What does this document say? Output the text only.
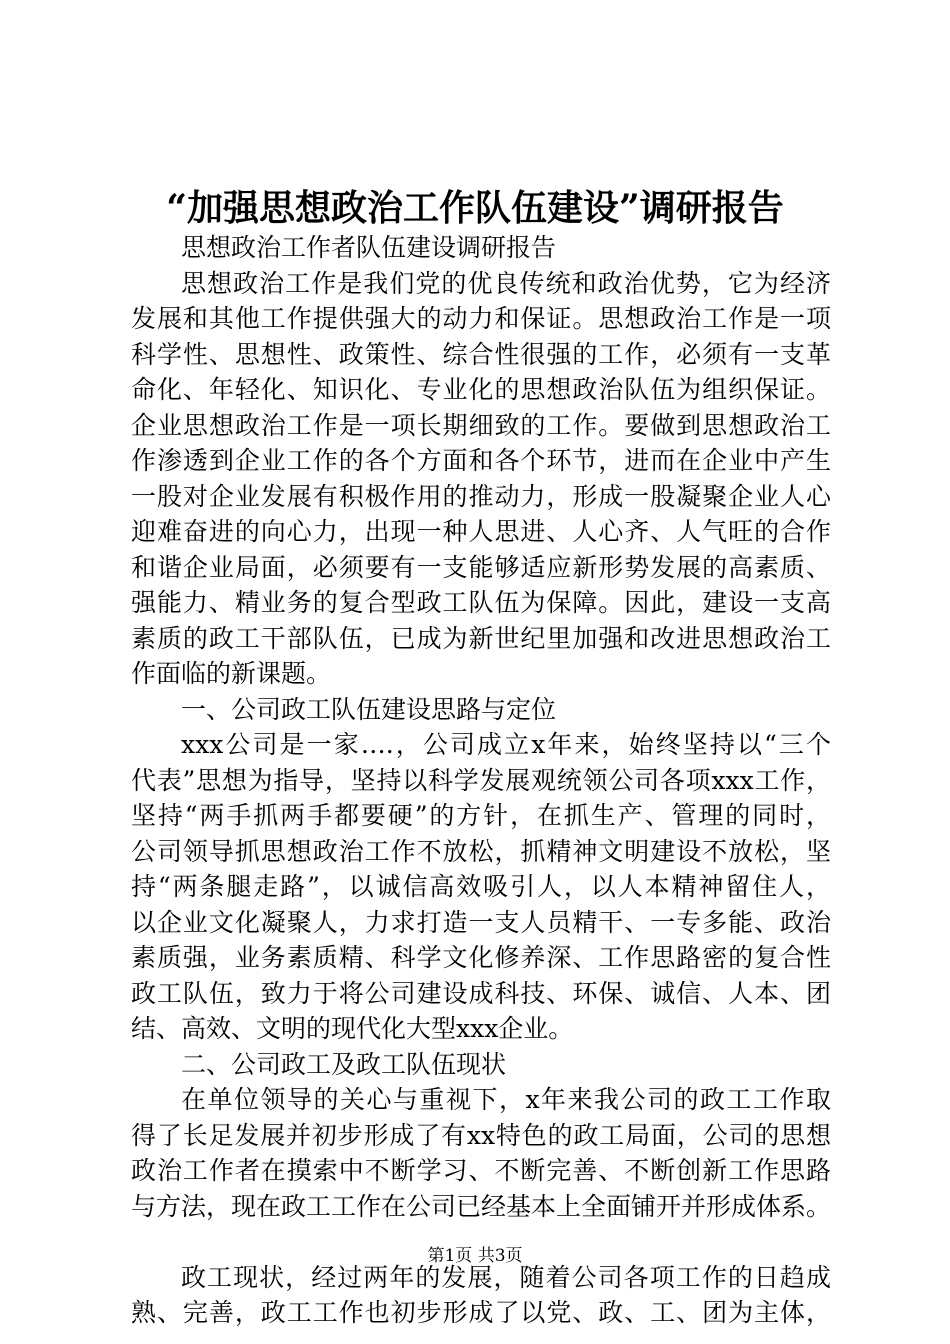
“加强思想政治工作队伍建设”调研报告
思想政治工作者队伍建设调研报告
思想政治工作是我们党的优良传统和政治优势，它为经济
发展和其他工作提供强大的动力和保证。思想政治工作是一项
科学性、思想性、政策性、综合性很强的工作，必须有一支革
命化、年轻化、知识化、专业化的思想政治队伍为组织保证。
企业思想政治工作是一项长期细致的工作。要做到思想政治工
作渗透到企业工作的各个方面和各个环节，进而在企业中产生
一股对企业发展有积极作用的推动力，形成一股凝聚企业人心
迎难奋进的向心力，出现一种人思进、人心齐、人气旺的合作
和谐企业局面，必须要有一支能够适应新形势发展的高素质、
强能力、精业务的复合型政工队伍为保障。因此，建设一支高
素质的政工干部队伍，已成为新世纪里加强和改进思想政治工
作面临的新课题。
一、公司政工队伍建设思路与定位
xxx公司是一家….，公司成立x年来，始终坚持以“三个
代表”思想为指导，坚持以科学发展观统领公司各项xxx工作，
坚持“两手抓两手都要硬”的方针，在抓生产、管理的同时，
公司领导抓思想政治工作不放松，抓精神文明建设不放松，坚
持“两条腿走路”，以诚信高效吸引人，以人本精神留住人，
以企业文化凝聚人，力求打造一支人员精干、一专多能、政治
素质强，业务素质精、科学文化修养深、工作思路密的复合性
政工队伍，致力于将公司建设成科技、环保、诚信、人本、团
结、高效、文明的现代化大型xxx企业。
二、公司政工及政工队伍现状
在单位领导的关心与重视下，x年来我公司的政工工作取
得了长足发展并初步形成了有xx特色的政工局面，公司的思想
政治工作者在摸索中不断学习、不断完善、不断创新工作思路
与方法，现在政工工作在公司已经基本上全面铺开并形成体系。
政工现状，经过两年的发展，随着公司各项工作的日趋成
熟、完善，政工工作也初步形成了以党、政、工、团为主体，
第1页 共3页
